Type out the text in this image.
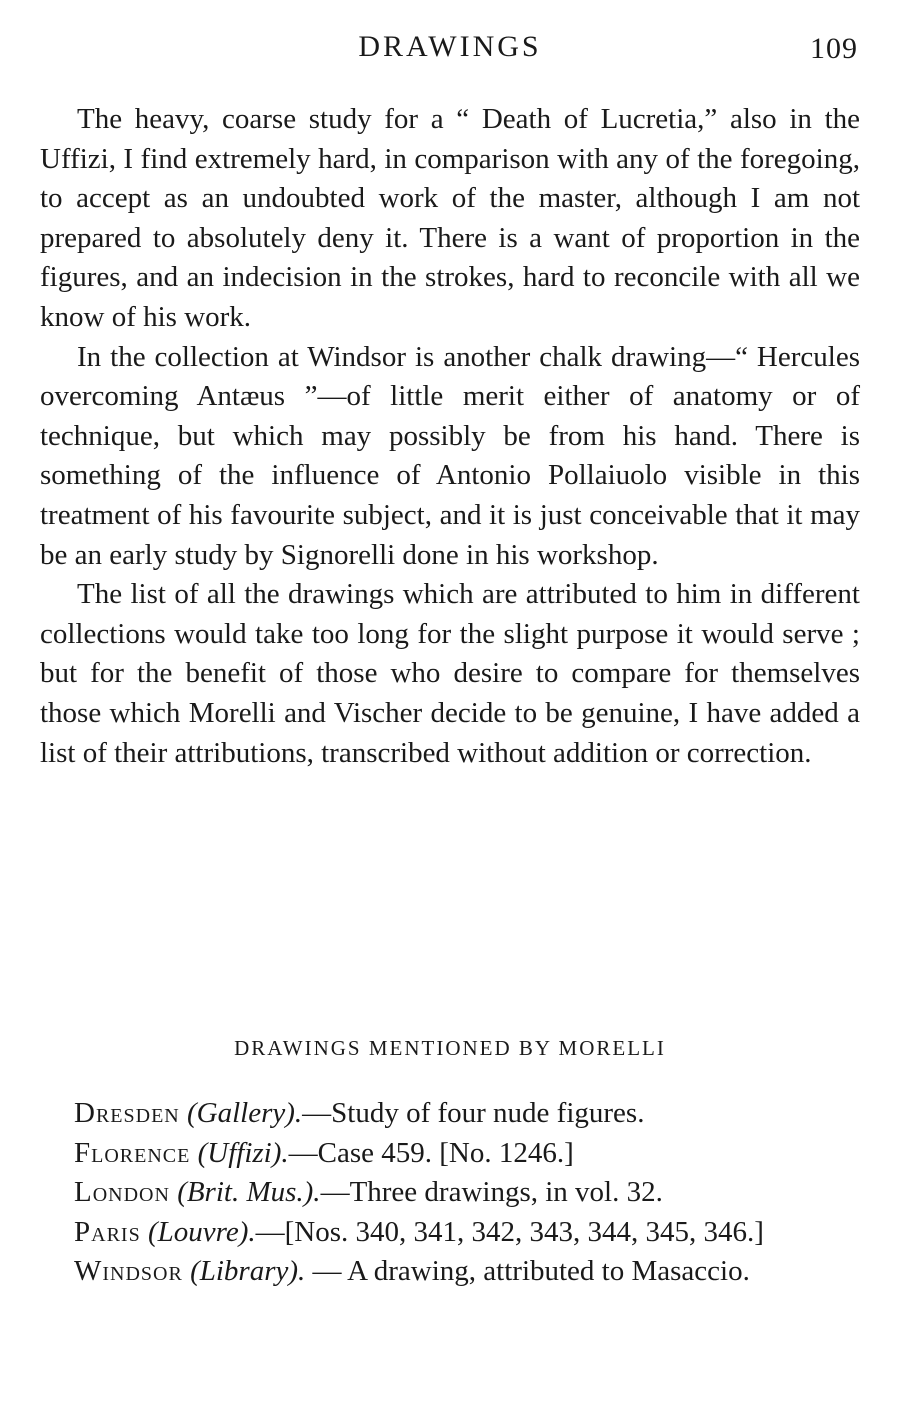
DRAWINGS	109

The heavy, coarse study for a “ Death of Lucretia,” also in the Uffizi, I find extremely hard, in comparison with any of the foregoing, to accept as an undoubted work of the master, although I am not prepared to absolutely deny it. There is a want of proportion in the figures, and an indecision in the strokes, hard to reconcile with all we know of his work.

In the collection at Windsor is another chalk drawing—“ Hercules overcoming Antæus ”—of little merit either of anatomy or of technique, but which may possibly be from his hand. There is something of the influence of Antonio Pollaiuolo visible in this treatment of his favourite subject, and it is just conceivable that it may be an early study by Signorelli done in his workshop.

The list of all the drawings which are attributed to him in different collections would take too long for the slight purpose it would serve ; but for the benefit of those who desire to compare for themselves those which Morelli and Vischer decide to be genuine, I have added a list of their attributions, transcribed without addition or correction.

DRAWINGS MENTIONED BY MORELLI

Dresden (Gallery).—Study of four nude figures.

Florence (Uffizi).—Case 459. [No. 1246.]

London (Brit. Mus.).—Three drawings, in vol. 32.

Paris (Louvre).—[Nos. 340, 341, 342, 343, 344, 345, 346.]

Windsor (Library). — A drawing, attributed to Masaccio.
